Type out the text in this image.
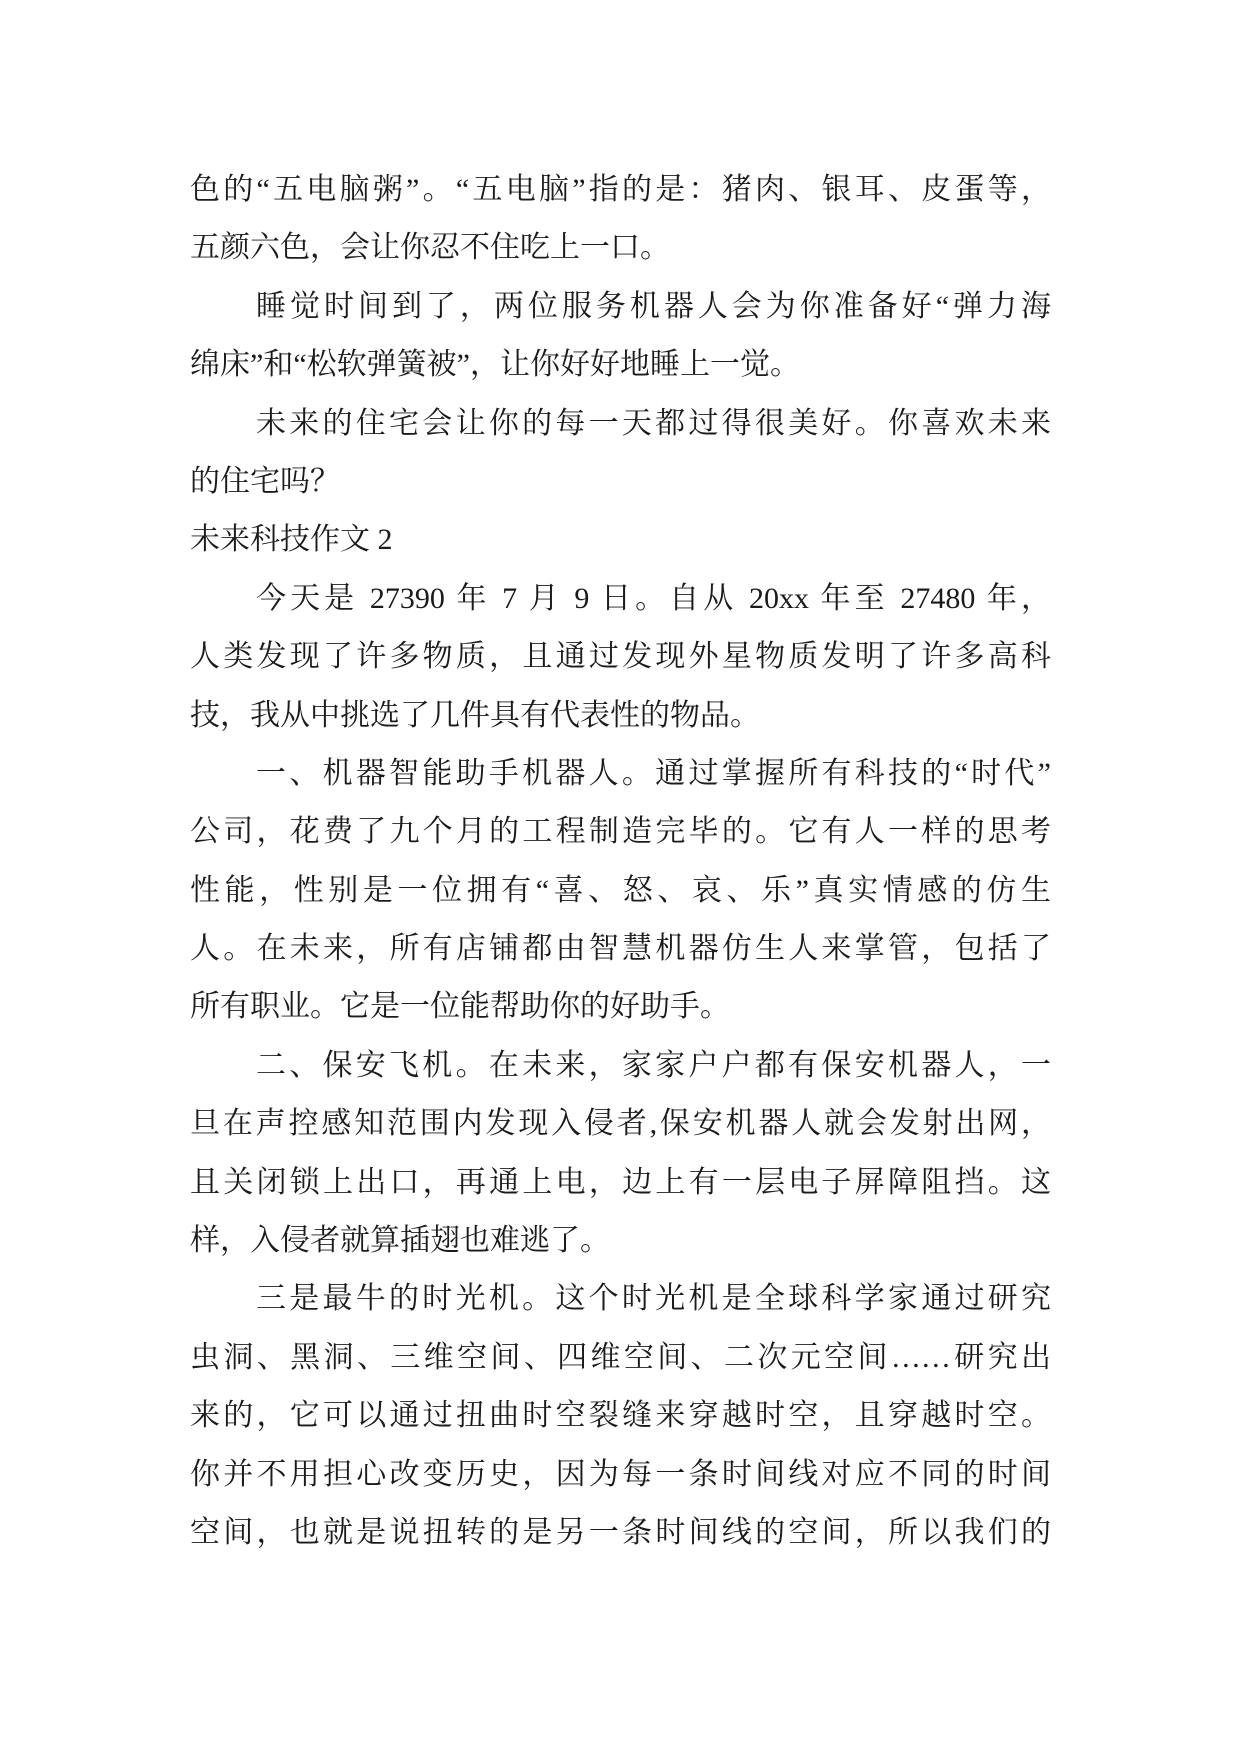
色的“五电脑粥”。“五电脑”指的是：猪肉、银耳、皮蛋等，
五颜六色，会让你忍不住吃上一口。
睡觉时间到了，两位服务机器人会为你准备好“弹力海
绵床”和“松软弹簧被”，让你好好地睡上一觉。
未来的住宅会让你的每一天都过得很美好。你喜欢未来
的住宅吗？
未来科技作文 2
今天是 27390 年 7 月 9 日。自从 20xx 年至 27480 年，
人类发现了许多物质，且通过发现外星物质发明了许多高科
技，我从中挑选了几件具有代表性的物品。
一、机器智能助手机器人。通过掌握所有科技的“时代”
公司，花费了九个月的工程制造完毕的。它有人一样的思考
性能，性别是一位拥有“喜、怒、哀、乐”真实情感的仿生
人。在未来，所有店铺都由智慧机器仿生人来掌管，包括了
所有职业。它是一位能帮助你的好助手。
二、保安飞机。在未来，家家户户都有保安机器人，一
旦在声控感知范围内发现入侵者,保安机器人就会发射出网，
且关闭锁上出口，再通上电，边上有一层电子屏障阻挡。这
样，入侵者就算插翅也难逃了。
三是最牛的时光机。这个时光机是全球科学家通过研究
虫洞、黑洞、三维空间、四维空间、二次元空间……研究出
来的，它可以通过扭曲时空裂缝来穿越时空，且穿越时空。
你并不用担心改变历史，因为每一条时间线对应不同的时间
空间，也就是说扭转的是另一条时间线的空间，所以我们的
